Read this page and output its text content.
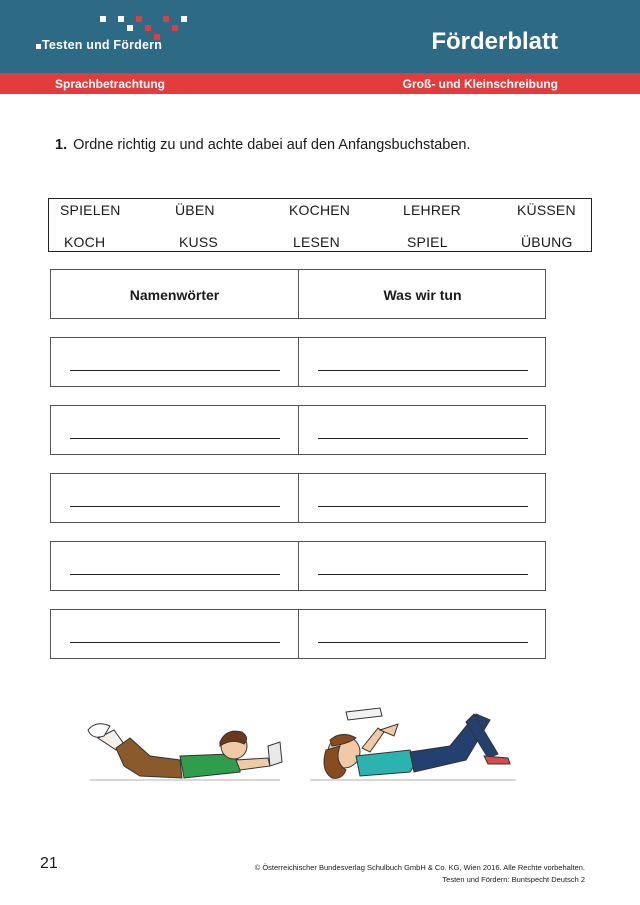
Testen und Fördern	Förderblatt
Sprachbetrachtung	Groß- und Kleinschreibung
1. Ordne richtig zu und achte dabei auf den Anfangsbuchstaben.
SPIELEN	ÜBEN	KOCHEN	LEHRER	KÜSSEN
KOCH	KUSS	LESEN	SPIEL	ÜBUNG
Namenwörter	Was wir tun
21	© Österreichischer Bundesverlag Schulbuch GmbH & Co. KG, Wien 2016. Alle Rechte vorbehalten.
Testen und Fördern: Buntspecht Deutsch 2
